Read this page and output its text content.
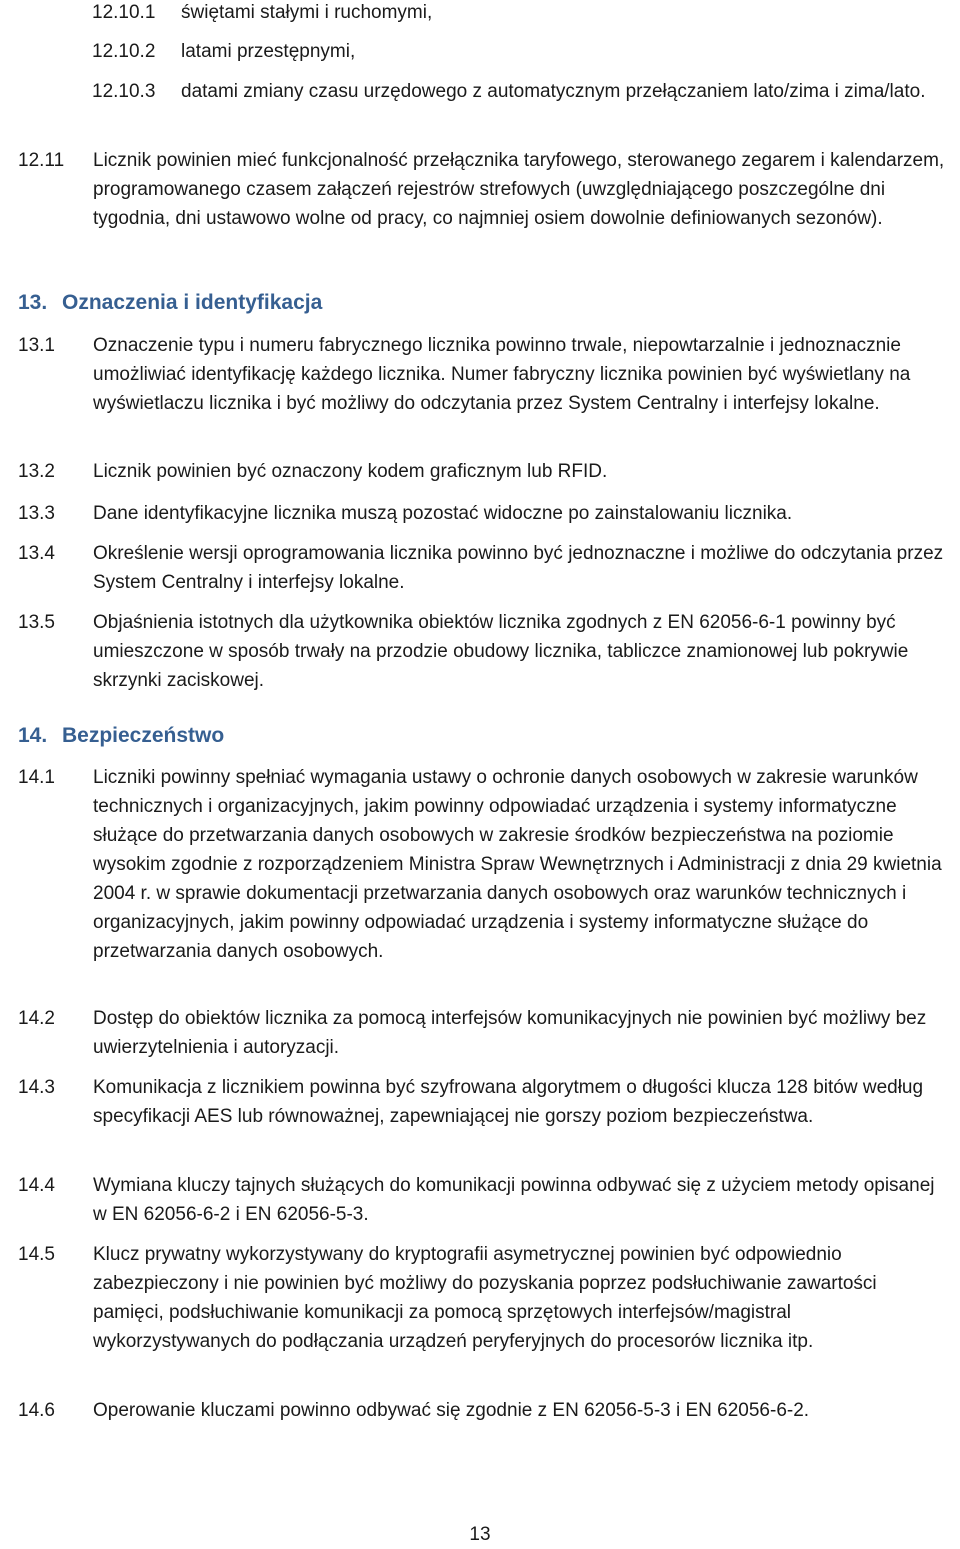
12.10.1 świętami stałymi i ruchomymi,
12.10.2 latami przestępnymi,
12.10.3 datami zmiany czasu urzędowego z automatycznym przełączaniem lato/zima i zima/lato.
12.11 Licznik powinien mieć funkcjonalność przełącznika taryfowego, sterowanego zegarem i kalendarzem, programowanego czasem załączeń rejestrów strefowych (uwzględniającego poszczególne dni tygodnia, dni ustawowo wolne od pracy, co najmniej osiem dowolnie definiowanych sezonów).
13. Oznaczenia i identyfikacja
13.1 Oznaczenie typu i numeru fabrycznego licznika powinno trwale, niepowtarzalnie i jednoznacznie umożliwiać identyfikację każdego licznika. Numer fabryczny licznika powinien być wyświetlany na wyświetlaczu licznika i być możliwy do odczytania przez System Centralny i interfejsy lokalne.
13.2 Licznik powinien być oznaczony kodem graficznym lub RFID.
13.3 Dane identyfikacyjne licznika muszą pozostać widoczne po zainstalowaniu licznika.
13.4 Określenie wersji oprogramowania licznika powinno być jednoznaczne i możliwe do odczytania przez System Centralny i interfejsy lokalne.
13.5 Objaśnienia istotnych dla użytkownika obiektów licznika zgodnych z EN 62056-6-1 powinny być umieszczone w sposób trwały na przodzie obudowy licznika, tabliczce znamionowej lub pokrywie skrzynki zaciskowej.
14. Bezpieczeństwo
14.1 Liczniki powinny spełniać wymagania ustawy o ochronie danych osobowych w zakresie warunków technicznych i organizacyjnych, jakim powinny odpowiadać urządzenia i systemy informatyczne służące do przetwarzania danych osobowych w zakresie środków bezpieczeństwa na poziomie wysokim zgodnie z rozporządzeniem Ministra Spraw Wewnętrznych i Administracji z dnia 29 kwietnia 2004 r. w sprawie dokumentacji przetwarzania danych osobowych oraz warunków technicznych i organizacyjnych, jakim powinny odpowiadać urządzenia i systemy informatyczne służące do przetwarzania danych osobowych.
14.2 Dostęp do obiektów licznika za pomocą interfejsów komunikacyjnych nie powinien być możliwy bez uwierzytelnienia i autoryzacji.
14.3 Komunikacja z licznikiem powinna być szyfrowana algorytmem o długości klucza 128 bitów według specyfikacji AES lub równoważnej, zapewniającej nie gorszy poziom bezpieczeństwa.
14.4 Wymiana kluczy tajnych służących do komunikacji powinna odbywać się z użyciem metody opisanej w EN 62056-6-2 i EN 62056-5-3.
14.5 Klucz prywatny wykorzystywany do kryptografii asymetrycznej powinien być odpowiednio zabezpieczony i nie powinien być możliwy do pozyskania poprzez podsłuchiwanie zawartości pamięci, podsłuchiwanie komunikacji za pomocą sprzętowych interfejsów/magistral wykorzystywanych do podłączania urządzeń peryferyjnych do procesorów licznika itp.
14.6 Operowanie kluczami powinno odbywać się zgodnie z EN 62056-5-3 i EN 62056-6-2.
13
